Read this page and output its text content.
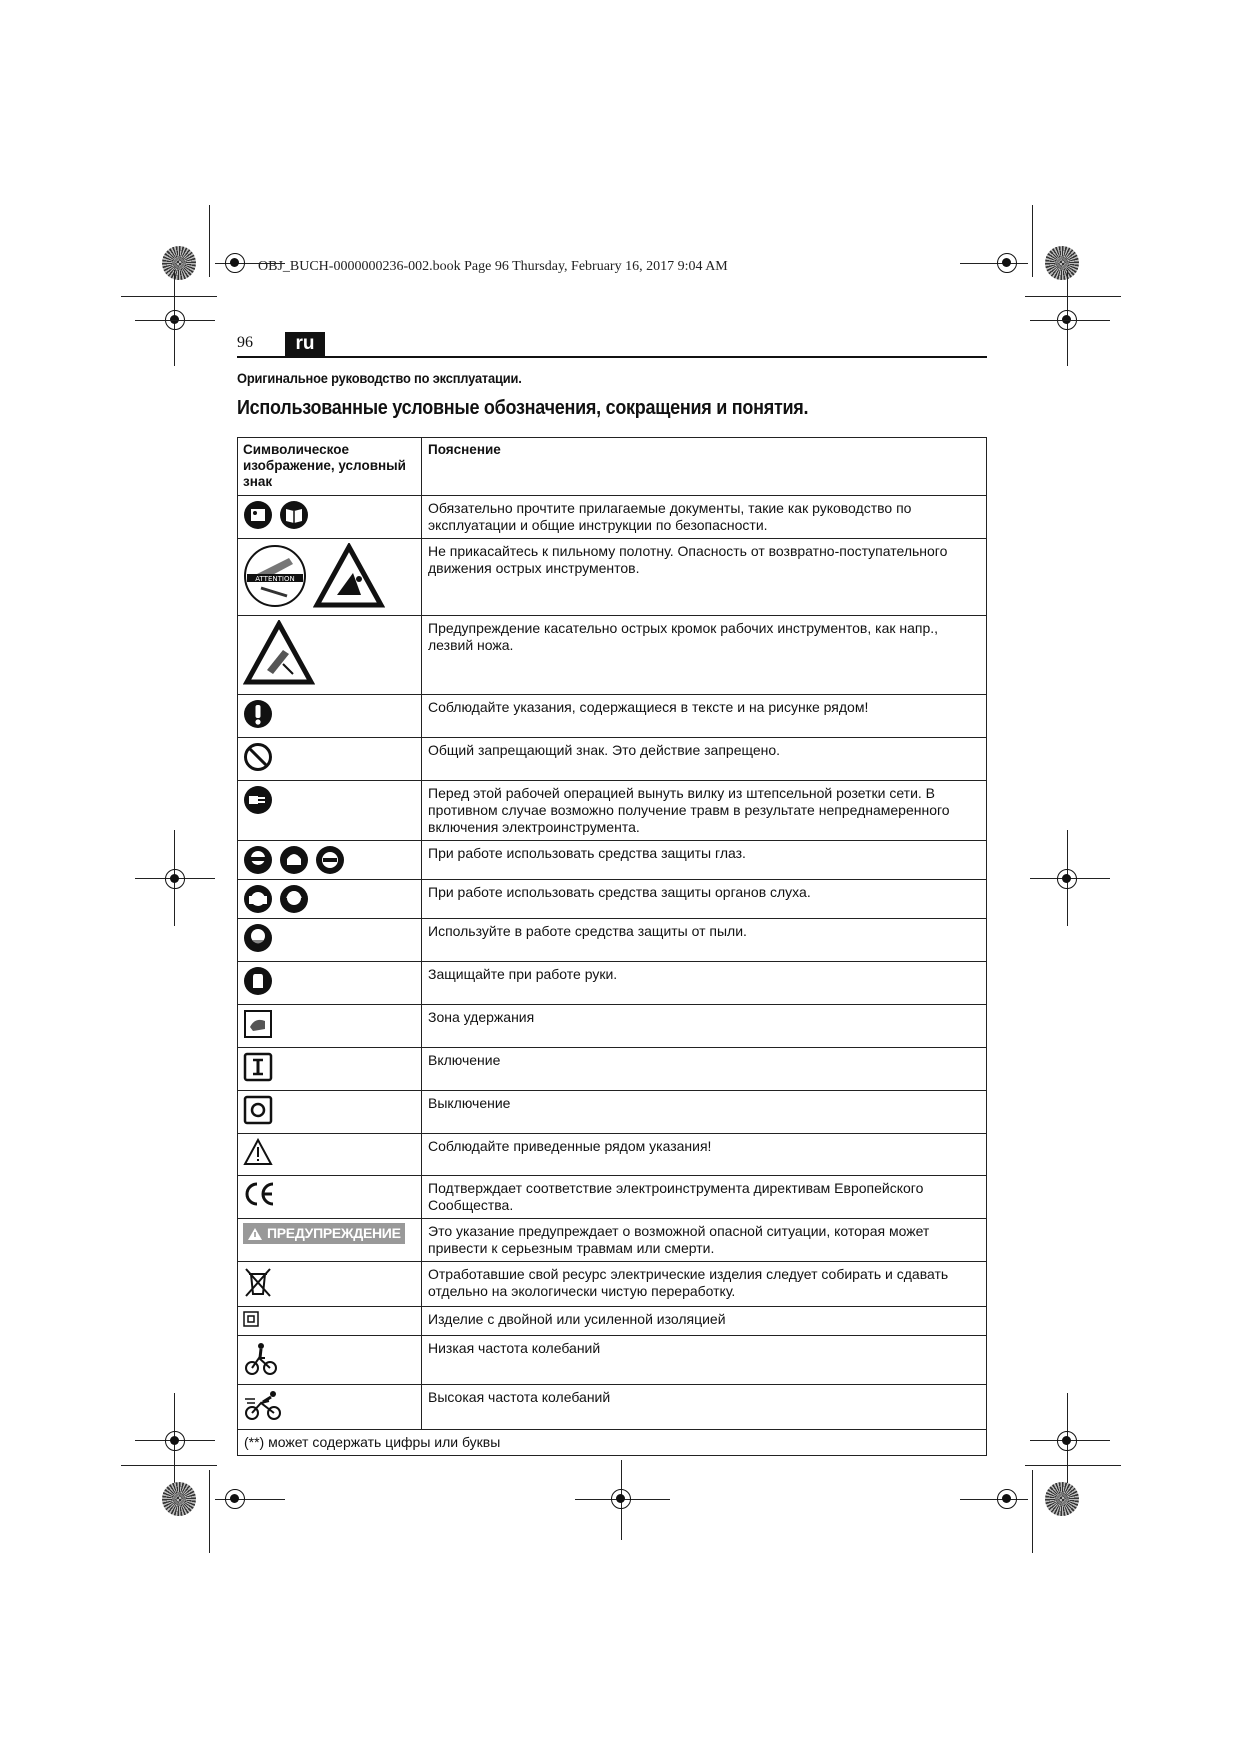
OBJ_BUCH-0000000236-002.book Page 96 Thursday, February 16, 2017 9:04 AM
96	ru
Оригинальное руководство по эксплуатации.
Использованные условные обозначения, сокращения и понятия.
Символическое изображение, условный знак	Пояснение

	Обязательно прочтите прилагаемые документы, такие как руководство по эксплуатации и общие инструкции по безопасности.

ATTENTION	Не прикасайтесь к пильному полотну. Опасность от возвратно-поступательного движения острых инструментов.
	Предупреждение касательно острых кромок рабочих инструментов, как напр., лезвий ножа.
	Соблюдайте указания, содержащиеся в тексте и на рисунке рядом!
	Общий запрещающий знак. Это действие запрещено.
	Перед этой рабочей операцией вынуть вилку из штепсельной розетки сети. В противном случае возможно получение травм в результате непреднамеренного включения электроинструмента.

	При работе использовать средства защиты глаз.

	При работе использовать средства защиты органов слуха.
	Используйте в работе средства защиты от пыли.
	Защищайте при работе руки.
	Зона удержания
	Включение
	Выключение
	Соблюдайте приведенные рядом указания!
	Подтверждает соответствие электроинструмента директивам Европейского Сообщества.

ПРЕДУПРЕЖДЕНИЕ	Это указание предупреждает о возможной опасной ситуации, которая может привести к серьезным травмам или смерти.
	Отработавшие свой ресурс электрические изделия следует собирать и сдавать отдельно на экологически чистую переработку.
	Изделие с двойной или усиленной изоляцией
	Низкая частота колебаний
	Высокая частота колебаний
(**) может содержать цифры или буквы	
